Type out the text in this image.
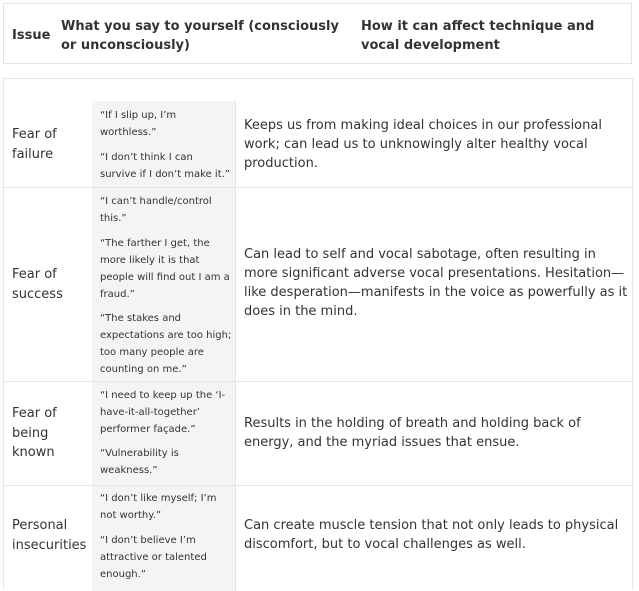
Issue
What you say to yourself (consciously or unconsciously)
How it can affect technique and vocal development
Fear of failure
“If I slip up, I’m worthless.”
“I don’t think I can survive if I don’t make it.”
Keeps us from making ideal choices in our professional work; can lead us to unknowingly alter healthy vocal production.
Fear of success
“I can’t handle/control this.”
“The farther I get, the more likely it is that people will find out I am a fraud.”
“The stakes and expectations are too high; too many people are counting on me.”
Can lead to self and vocal sabotage, often resulting in more significant adverse vocal presentations. Hesitation—like desperation—manifests in the voice as powerfully as it does in the mind.
Fear of being known
“I need to keep up the ‘I-have-it-all-together’ performer façade.”
“Vulnerability is weakness.”
Results in the holding of breath and holding back of energy, and the myriad issues that ensue.
Personal insecurities
“I don’t like myself; I’m not worthy.”
“I don’t believe I’m attractive or talented enough.”
Can create muscle tension that not only leads to physical discomfort, but to vocal challenges as well.
